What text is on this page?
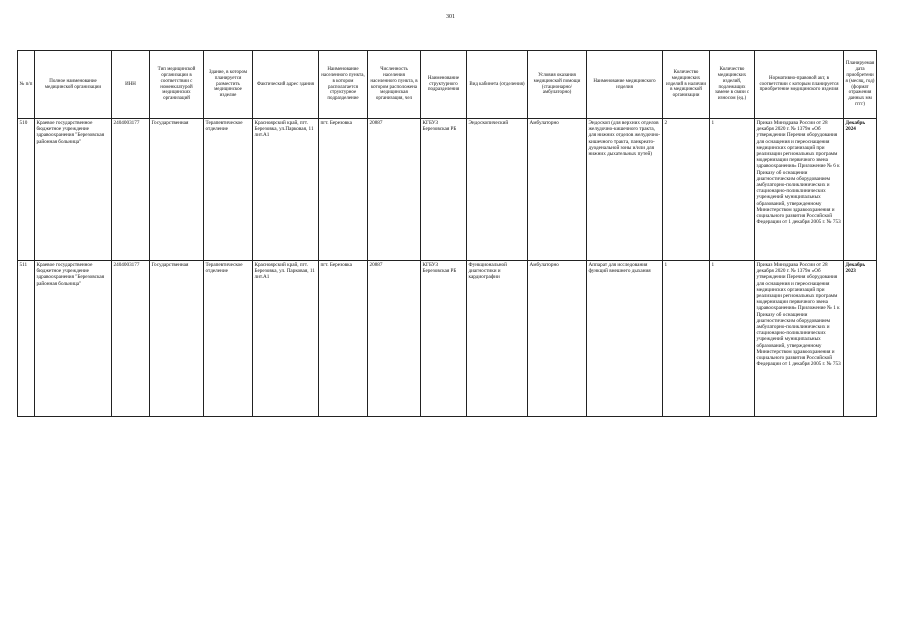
301
№ п/п	Полное наименование медицинской организации	ИНН	Тип медицинской организации в соответствии с номенклатурой медицинских организаций	Здание, в котором планируется разместить медицинское изделие	Фактический адрес здания	Наименование населенного пункта, в котором располагается структурное подразделение	Численность населения населенного пункта, в котором расположена медицинская организация, чел	Наименование структурного подразделения	Вид кабинета (отделения)	Условия оказания медицинской помощи (стационарно/ амбулаторно)	Наименование медицинского изделия	Количество медицинских изделий в наличии в медицинской организации	Количество медицинских изделий, подлежащих замене в связи с износом (ед.)	Нормативно-правовой акт, в соответствии с которым планируется приобретение медицинского изделия	Планируемая дата приобретения (месяц, год) (формат отражения данных мм гггг)
510	Краевое государственное бюджетное учреждение здравоохранения "Березовская районная больница"	2404003177	Государственная	Терапевтическое отделение	Красноярский край, пгт. Березовка, ул.Парковая, 11 лит.А1	пгт. Березовка	20887	КГБУЗ Березовская РБ	Эндоскопический	Амбулаторно	Эндоскоп (для верхних отделов желудочно-кишечного тракта, для нижних отделов желудочно-кишечного тракта, панкреато-дуоденальной зоны и/или для нижних дыхательных путей)	2	1	Приказ Минздрава России от 28 декабря 2020 г. № 1379н «Об утверждении Перечня оборудования для оснащения и переоснащения медицинских организаций при реализации региональных программ модернизации первичного звена здравоохранения» Приложение № 6 к Приказу об оснащении диагностическим оборудованием амбулаторно-поликлинических и стационарно-поликлинических учреждений муниципальных образований, утвержденному Министерством здравоохранения и социального развития Российской Федерации от 1 декабря 2005 г. № 753	Декабрь 2024
511	Краевое государственное бюджетное учреждение здравоохранения "Березовская районная больница"	2404003177	Государственная	Терапевтическое отделение	Красноярский край, пгт. Березовка, ул. Парковая, 11 лит.А1	пгт. Березовка	20887	КГБУЗ Березовская РБ	Функциональной диагностики и кардиографии	Амбулаторно	Аппарат для исследования функций внешнего дыхания	1	1	Приказ Минздрава России от 28 декабря 2020 г. № 1379н «Об утверждении Перечня оборудования для оснащения и переоснащения медицинских организаций при реализации региональных программ модернизации первичного звена здравоохранения» Приложение № 1 к Приказу об оснащении диагностическим оборудованием амбулаторно-поликлинических и стационарно-поликлинических учреждений муниципальных образований, утвержденному Министерством здравоохранения и социального развития Российской Федерации от 1 декабря 2005 г. № 753	Декабрь 2023
